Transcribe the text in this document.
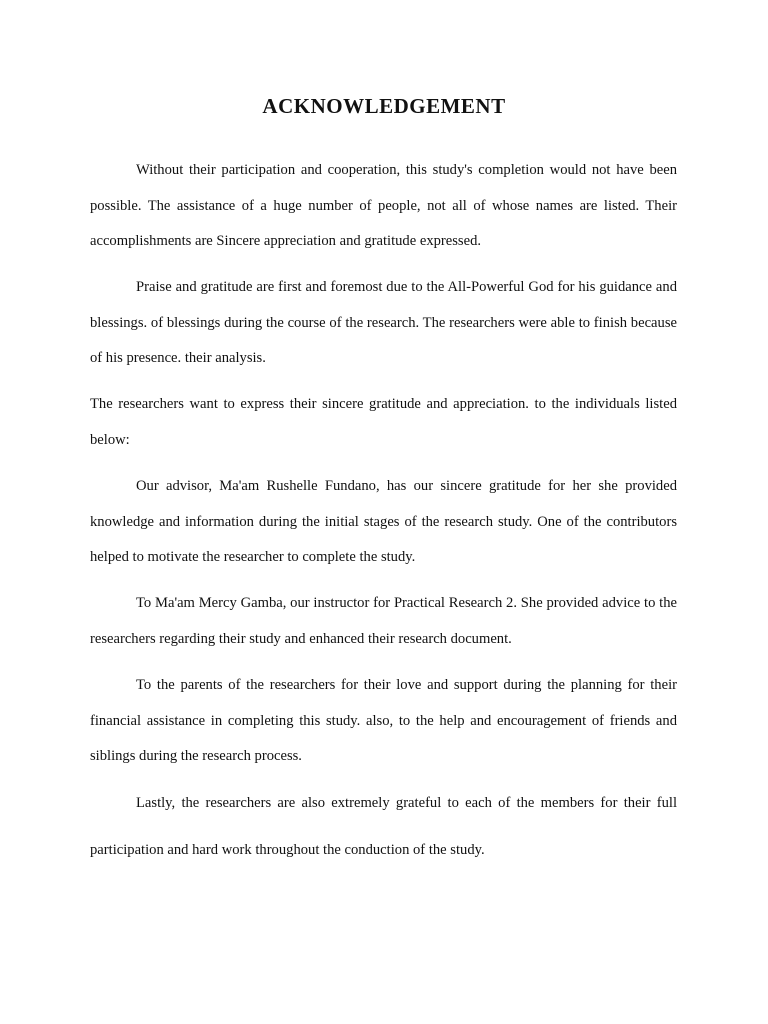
ACKNOWLEDGEMENT

Without their participation and cooperation, this study's completion would not have been possible. The assistance of a huge number of people, not all of whose names are listed. Their accomplishments are Sincere appreciation and gratitude expressed.

Praise and gratitude are first and foremost due to the All-Powerful God for his guidance and blessings. of blessings during the course of the research. The researchers were able to finish because of his presence. their analysis.

The researchers want to express their sincere gratitude and appreciation. to the individuals listed below:

Our advisor, Ma'am Rushelle Fundano, has our sincere gratitude for her she provided knowledge and information during the initial stages of the research study. One of the contributors helped to motivate the researcher to complete the study.

To Ma'am Mercy Gamba, our instructor for Practical Research 2. She provided advice to the researchers regarding their study and enhanced their research document.

To the parents of the researchers for their love and support during the planning for their financial assistance in completing this study. also, to the help and encouragement of friends and siblings during the research process.

Lastly, the researchers are also extremely grateful to each of the members for their full participation and hard work throughout the conduction of the study.
